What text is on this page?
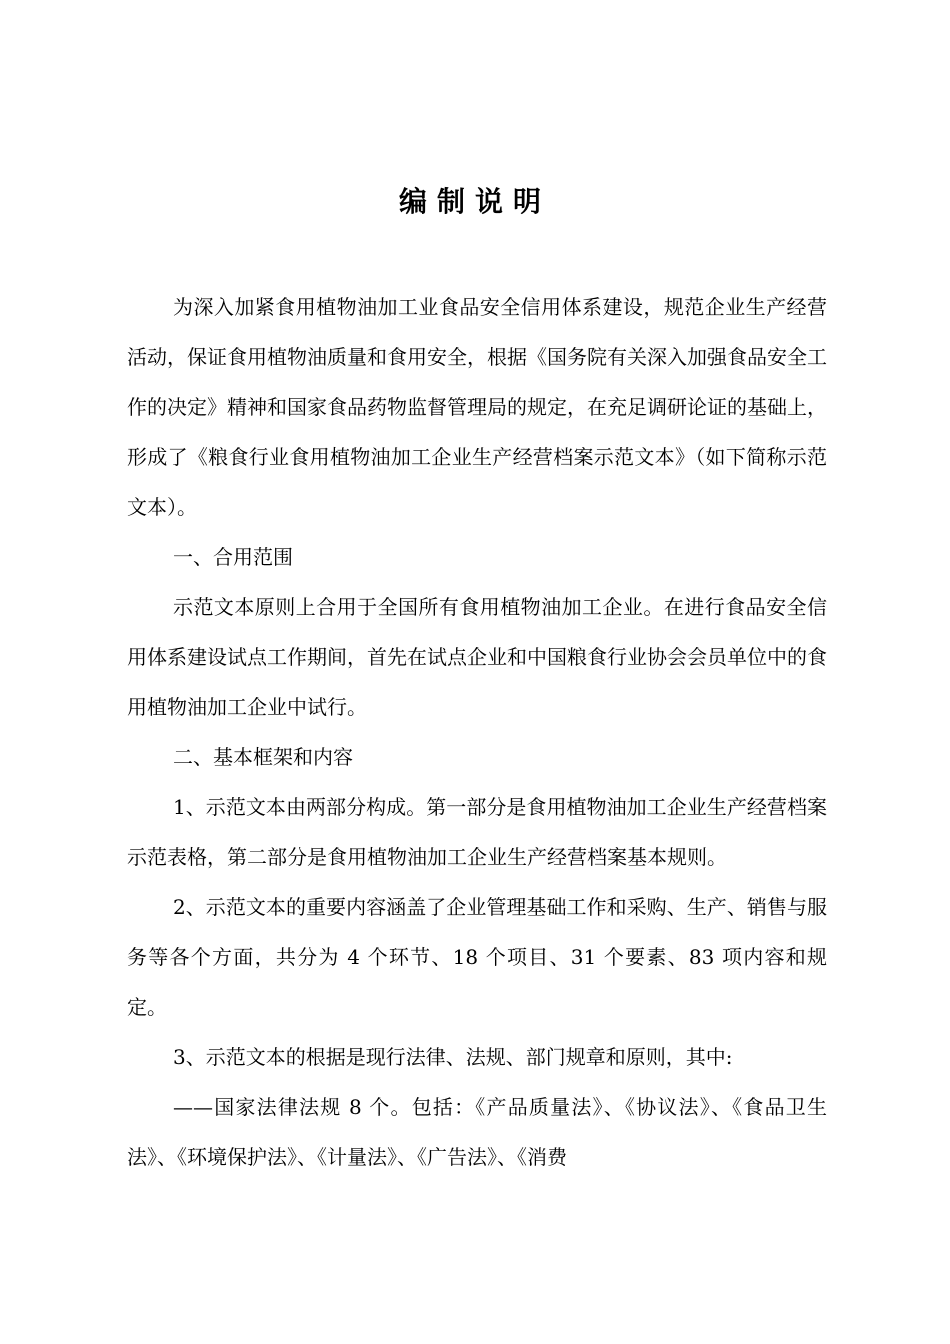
编制说明

为深入加紧食用植物油加工业食品安全信用体系建设，规范企业生产经营活动，保证食用植物油质量和食用安全，根据《国务院有关深入加强食品安全工作的决定》精神和国家食品药物监督管理局的规定，在充足调研论证的基础上，形成了《粮食行业食用植物油加工企业生产经营档案示范文本》（如下简称示范文本）。

一、合用范围

示范文本原则上合用于全国所有食用植物油加工企业。在进行食品安全信用体系建设试点工作期间，首先在试点企业和中国粮食行业协会会员单位中的食用植物油加工企业中试行。

二、基本框架和内容

1、示范文本由两部分构成。第一部分是食用植物油加工企业生产经营档案示范表格，第二部分是食用植物油加工企业生产经营档案基本规则。

2、示范文本的重要内容涵盖了企业管理基础工作和采购、生产、销售与服务等各个方面，共分为 4 个环节、18 个项目、31 个要素、83 项内容和规定。

3、示范文本的根据是现行法律、法规、部门规章和原则，其中:

——国家法律法规 8 个。包括：《产品质量法》、《协议法》、《食品卫生法》、《环境保护法》、《计量法》、《广告法》、《消费
